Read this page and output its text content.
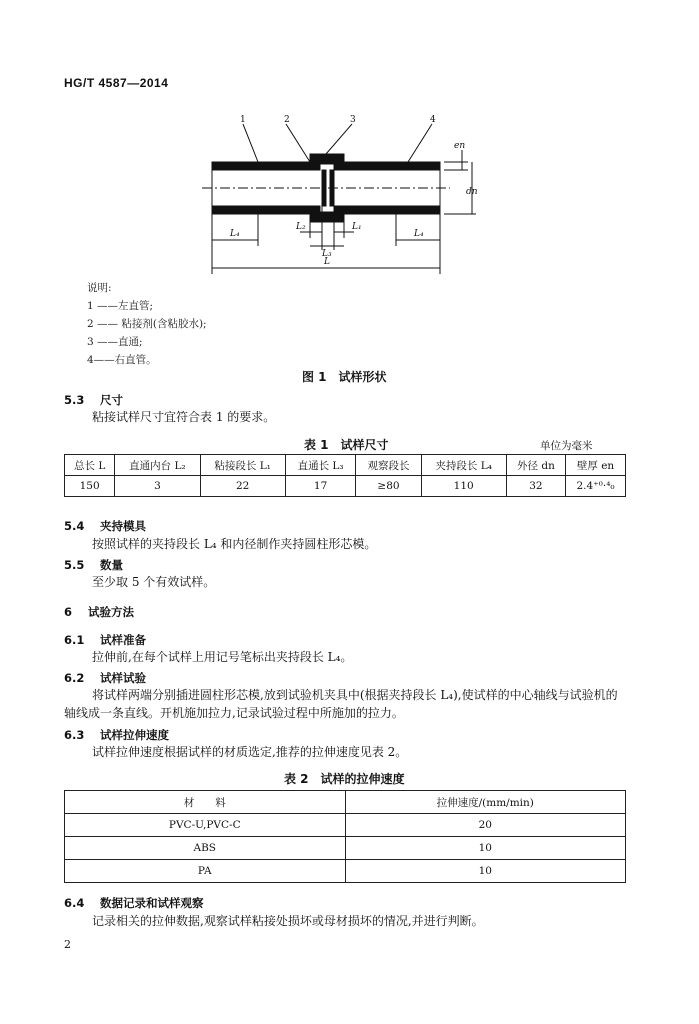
HG/T 4587—2014
1	2	3	4
en
dn
L₄
L₂	L₁
L₃
L₄
L
说明:
1 ——左直管;
2 —— 粘接剂(含粘胶水);
3 ——直通;
4——右直管。
图 1　试样形状
5.3 尺寸
粘接试样尺寸宜符合表 1 的要求。
表 1　试样尺寸	单位为毫米
总长 L	直通内台 L₂	粘接段长 L₁	直通长 L₃	观察段长	夹持段长 L₄	外径 dn	壁厚 en
150	3	22	17	≥80	110	32	2.4⁺⁰·⁴₀
5.4 夹持模具
按照试样的夹持段长 L₄ 和内径制作夹持圆柱形芯模。
5.5 数量
至少取 5 个有效试样。
6 试验方法
6.1 试样准备
拉伸前,在每个试样上用记号笔标出夹持段长 L₄。
6.2 试样试验
将试样两端分别插进圆柱形芯模,放到试验机夹具中(根据夹持段长 L₄),使试样的中心轴线与试验机的轴线成一条直线。开机施加拉力,记录试验过程中所施加的拉力。
6.3 试样拉伸速度
试样拉伸速度根据试样的材质选定,推荐的拉伸速度见表 2。
表 2　试样的拉伸速度
材　　料	拉伸速度/(mm/min)
PVC-U,PVC-C	20
ABS	10
PA	10
6.4 数据记录和试样观察
记录相关的拉伸数据,观察试样粘接处损坏或母材损坏的情况,并进行判断。
2
